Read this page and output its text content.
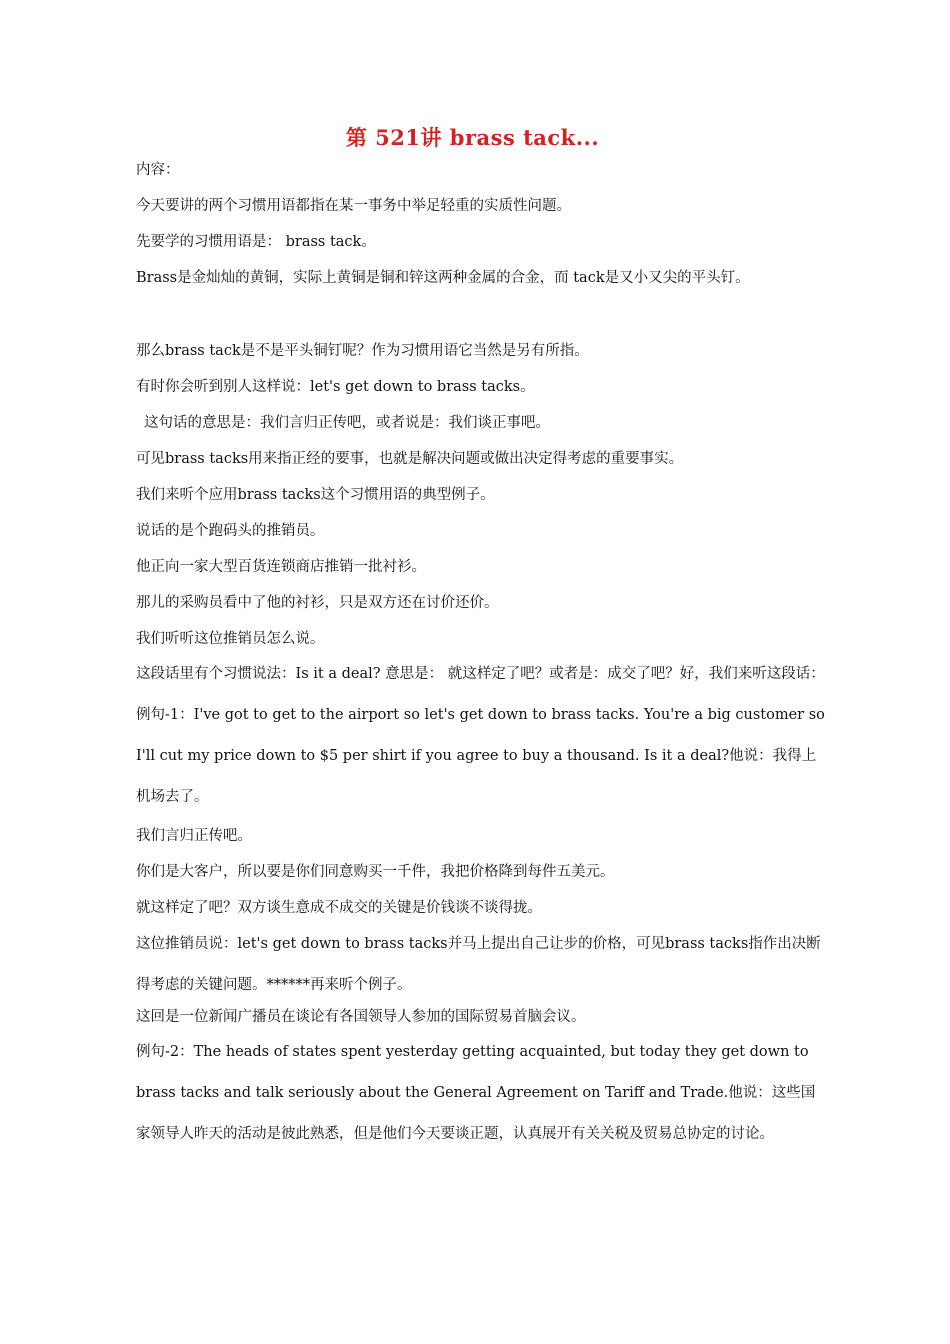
第 521讲 brass tack...
内容：
今天要讲的两个习惯用语都指在某一事务中举足轻重的实质性问题。
先要学的习惯用语是： brass tack。
Brass是金灿灿的黄铜，实际上黄铜是铜和锌这两种金属的合金，而 tack是又小又尖的平头钉。
那么brass tack是不是平头铜钉呢？作为习惯用语它当然是另有所指。
有时你会听到别人这样说：let's get down to brass tacks。
这句话的意思是：我们言归正传吧，或者说是：我们谈正事吧。
可见brass tacks用来指正经的要事，也就是解决问题或做出决定得考虑的重要事实。
我们来听个应用brass tacks这个习惯用语的典型例子。
说话的是个跑码头的推销员。
他正向一家大型百货连锁商店推销一批衬衫。
那儿的采购员看中了他的衬衫，只是双方还在讨价还价。
我们听听这位推销员怎么说。
这段话里有个习惯说法：Is it a deal? 意思是： 就这样定了吧？或者是：成交了吧？好，我们来听这段话：例句-1：I've got to get to the airport so let's get down to brass tacks. You're a big customer so I'll cut my price down to $5 per shirt if you agree to buy a thousand. Is it a deal?他说：我得上机场去了。
我们言归正传吧。
你们是大客户，所以要是你们同意购买一千件，我把价格降到每件五美元。
就这样定了吧？双方谈生意成不成交的关键是价钱谈不谈得拢。
这位推销员说：let's get down to brass tacks并马上提出自己让步的价格，可见brass tacks指作出决断得考虑的关键问题。******再来听个例子。
这回是一位新闻广播员在谈论有各国领导人参加的国际贸易首脑会议。
例句-2：The heads of states spent yesterday getting acquainted, but today they get down to brass tacks and talk seriously about the General Agreement on Tariff and Trade.他说：这些国家领导人昨天的活动是彼此熟悉，但是他们今天要谈正题，认真展开有关关税及贸易总协定的讨论。
